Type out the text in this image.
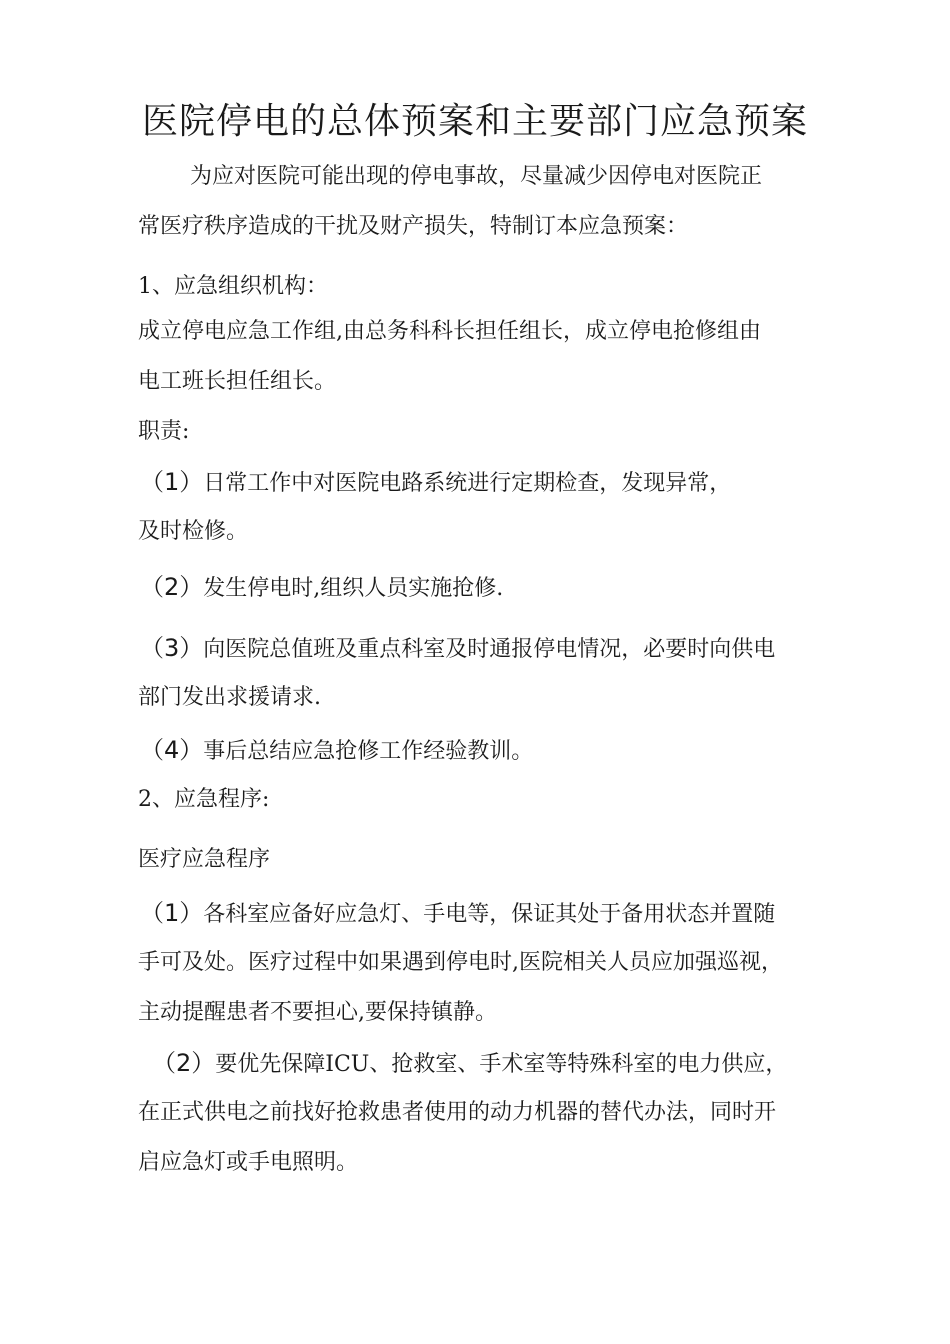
医院停电的总体预案和主要部门应急预案
为应对医院可能出现的停电事故，尽量减少因停电对医院正
常医疗秩序造成的干扰及财产损失，特制订本应急预案：
1、应急组织机构：
成立停电应急工作组,由总务科科长担任组长，成立停电抢修组由
电工班长担任组长。
职责:
（1）日常工作中对医院电路系统进行定期检查，发现异常，
及时检修。
（2）发生停电时,组织人员实施抢修.
（3）向医院总值班及重点科室及时通报停电情况，必要时向供电
部门发出求援请求.
（4）事后总结应急抢修工作经验教训。
2、应急程序:
医疗应急程序
（1）各科室应备好应急灯、手电等，保证其处于备用状态并置随
手可及处。医疗过程中如果遇到停电时,医院相关人员应加强巡视，
主动提醒患者不要担心,要保持镇静。
（2）要优先保障ICU、抢救室、手术室等特殊科室的电力供应，
在正式供电之前找好抢救患者使用的动力机器的替代办法，同时开
启应急灯或手电照明。
